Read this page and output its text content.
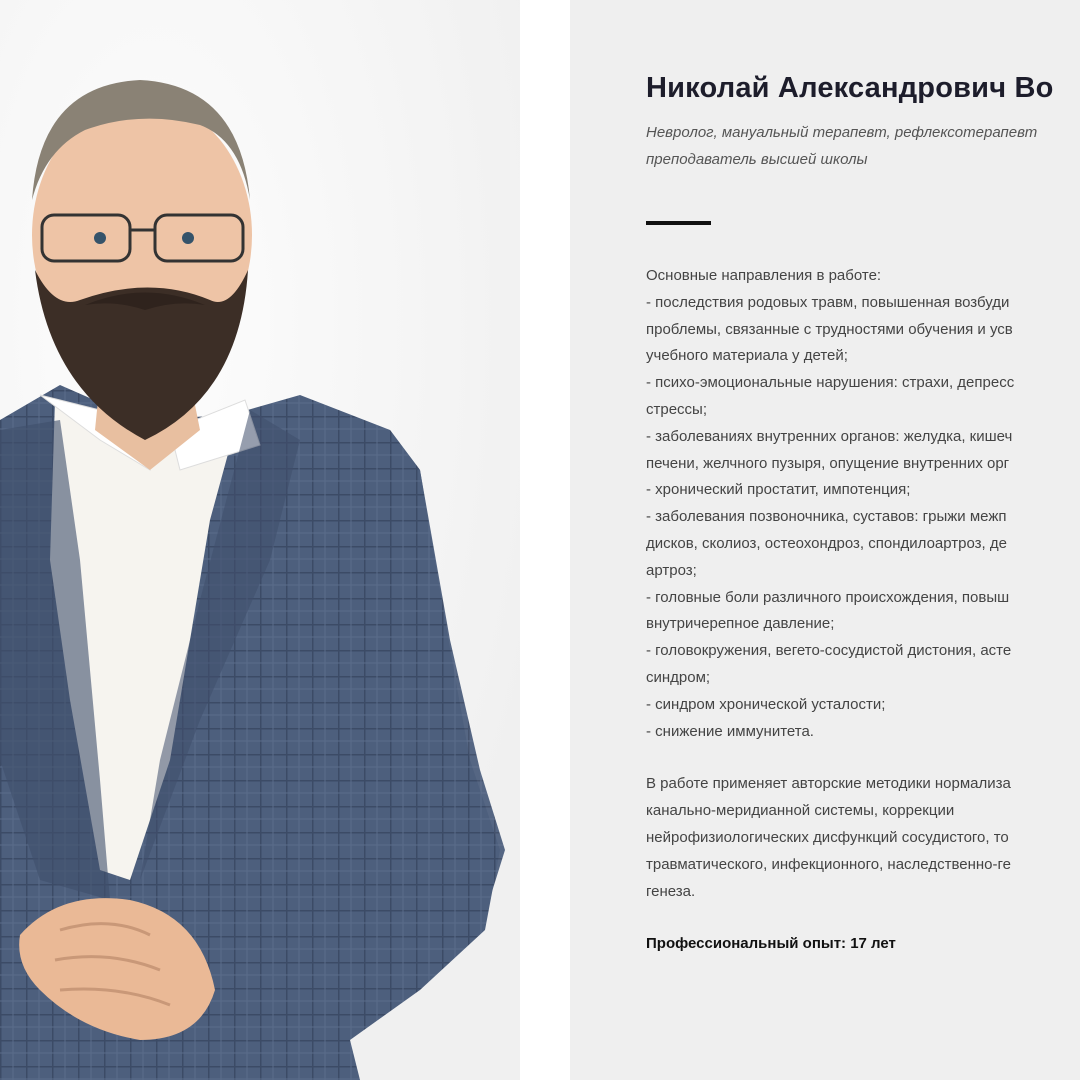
Николай Александрович Во
Невролог, мануальный терапевт, рефлексотерапевт
преподаватель высшей школы
Основные направления в работе:
- последствия родовых травм, повышенная возбуди
проблемы, связанные с трудностями обучения и усв
учебного материала у детей;
- психо-эмоциональные нарушения: страхи, депресс
стрессы;
- заболеваниях внутренних органов: желудка, кишеч
печени, желчного пузыря, опущение внутренних орг
- хронический простатит, импотенция;
- заболевания позвоночника, суставов: грыжи межп
дисков, сколиоз, остеохондроз, спондилоартроз, де
артроз;
- головные боли различного происхождения, повыш
внутричерепное давление;
- головокружения, вегето-сосудистой дистония, асте
синдром;
- синдром хронической усталости;
- снижение иммунитета.
В работе применяет авторские методики нормализа
канально-меридианной системы, коррекции
нейрофизиологических дисфункций сосудистого, то
травматического, инфекционного, наследственно-ге
генеза.
Профессиональный опыт: 17 лет
